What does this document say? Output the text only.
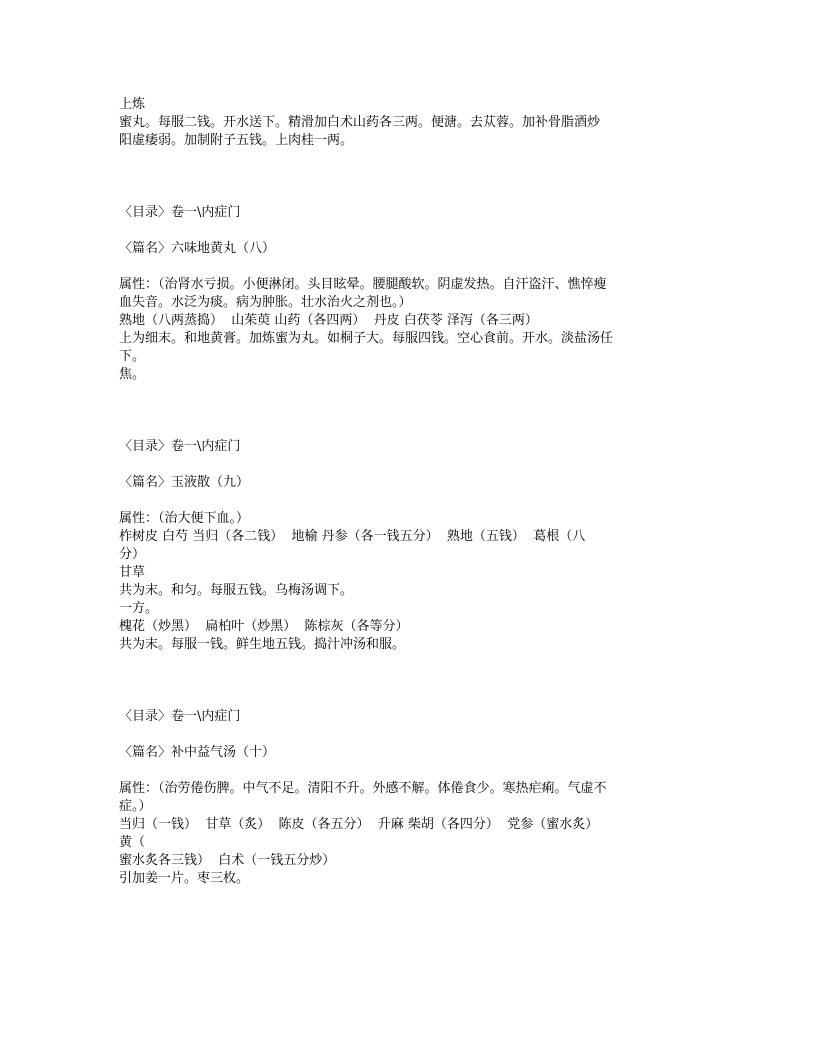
上炼
蜜丸。每服二钱。开水送下。精滑加白术山药各三两。便溏。去苁蓉。加补骨脂酒炒
阳虚痿弱。加制附子五钱。上肉桂一两。
〈目录〉卷一\内症门
〈篇名〉六味地黄丸（八）
属性：（治肾水亏损。小便淋闭。头目眩晕。腰腿酸软。阴虚发热。自汗盗汗、憔悴瘦
血失音。水泛为痰。病为肿胀。壮水治火之剂也。）
熟地（八两蒸捣）  山茱萸 山药（各四两）  丹皮 白茯苓 泽泻（各三两）
上为细末。和地黄膏。加炼蜜为丸。如桐子大。每服四钱。空心食前。开水。淡盐汤任
下。
焦。
〈目录〉卷一\内症门
〈篇名〉玉液散（九）
属性：（治大便下血。）
柞树皮 白芍 当归（各二钱）  地榆 丹参（各一钱五分）  熟地（五钱）  葛根（八
分）
甘草
共为末。和匀。每服五钱。乌梅汤调下。
一方。
槐花（炒黑）  扁柏叶（炒黑）  陈棕灰（各等分）
共为末。每服一钱。鲜生地五钱。捣汁冲汤和服。
〈目录〉卷一\内症门
〈篇名〉补中益气汤（十）
属性：（治劳倦伤脾。中气不足。清阳不升。外感不解。体倦食少。寒热疟痢。气虚不
症。）
当归（一钱）  甘草（炙）  陈皮（各五分）  升麻 柴胡（各四分）  党参（蜜水炙）
黄（
蜜水炙各三钱）  白术（一钱五分炒）
引加姜一片。枣三枚。
